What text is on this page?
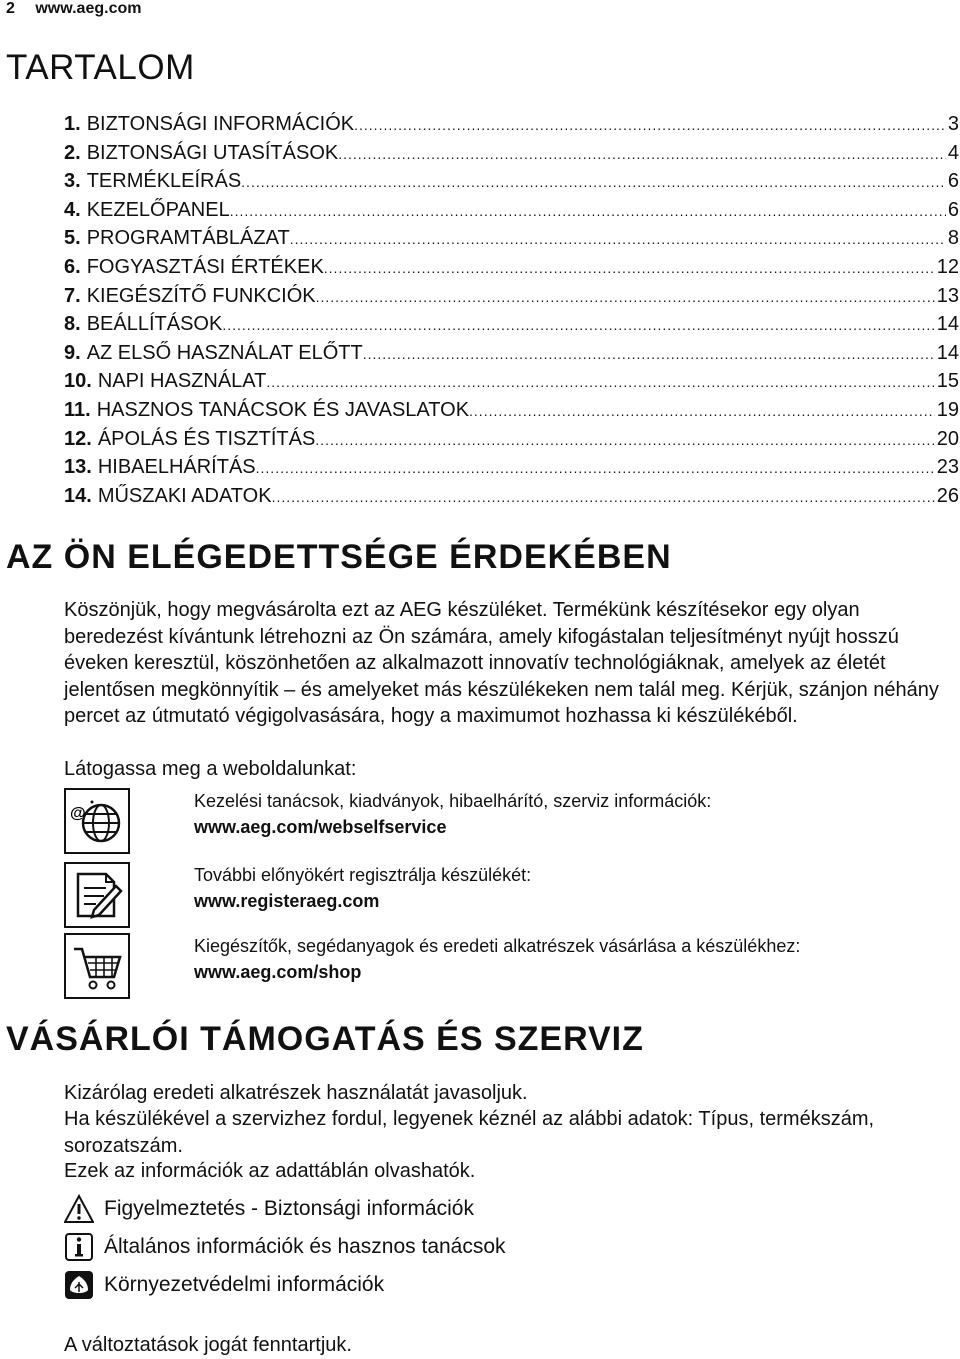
2 www.aeg.com
TARTALOM
1. BIZTONSÁGI INFORMÁCIÓK .....	3
2. BIZTONSÁGI UTASÍTÁSOK .....	4
3. TERMÉKLEÍRÁS .....	6
4. KEZELŐPANEL .....	6
5. PROGRAMTÁBLÁZAT .....	8
6. FOGYASZTÁSI ÉRTÉKEK .....	12
7. KIEGÉSZÍTŐ FUNKCIÓK .....	13
8. BEÁLLÍTÁSOK .....	14
9. AZ ELSŐ HASZNÁLAT ELŐTT .....	14
10. NAPI HASZNÁLAT .....	15
11. HASZNOS TANÁCSOK ÉS JAVASLATOK .....	19
12. ÁPOLÁS ÉS TISZTÍTÁS .....	20
13. HIBAELHÁRÍTÁS .....	23
14. MŰSZAKI ADATOK .....	26
AZ ÖN ELÉGEDETTSÉGE ÉRDEKÉBEN

Köszönjük, hogy megvásárolta ezt az AEG készüléket. Termékünk készítésekor egy olyan beredezést kívántunk létrehozni az Ön számára, amely kifogástalan teljesítményt nyújt hosszú éveken keresztül, köszönhetően az alkalmazott innovatív technológiáknak, amelyek az életét jelentősen megkönnyítik – és amelyeket más készülékeken nem talál meg. Kérjük, szánjon néhány percet az útmutató végigolvasására, hogy a maximumot hozhassa ki készülékéből.

Látogassa meg a weboldalunkat:

@
Kezelési tanácsok, kiadványok, hibaelhárító, szerviz információk:
www.aeg.com/webselfservice
További előnyökért regisztrálja készülékét:
www.registeraeg.com
Kiegészítők, segédanyagok és eredeti alkatrészek vásárlása a készülékhez:
www.aeg.com/shop
VÁSÁRLÓI TÁMOGATÁS ÉS SZERVIZ

Kizárólag eredeti alkatrészek használatát javasoljuk.

Ha készülékével a szervizhez fordul, legyenek kéznél az alábbi adatok: Típus, termékszám, sorozatszám.

Ezek az információk az adattáblán olvashatók.

Figyelmeztetés - Biztonsági információk
Általános információk és hasznos tanácsok
Környezetvédelmi információk

A változtatások jogát fenntartjuk.
